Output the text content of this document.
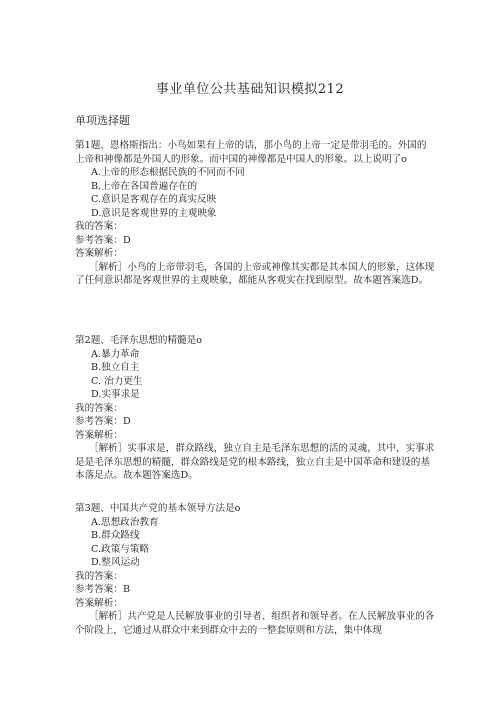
事业单位公共基础知识模拟212
单项选择题

第1题、恩格斯指出：小鸟如果有上帝的话，那小鸟的上帝一定是带羽毛的。外国的上帝和神像都是外国人的形象。而中国的神像都是中国人的形象。以上说明了o

A.上帝的形态根据民族的不同而不同
B.上帝在各国普遍存在的
C.意识是客观存在的真实反映
D.意识是客观世界的主观映象
我的答案：
参考答案：D
答案解析：

［解析］小鸟的上帝带羽毛，各国的上帝或神像其实都是其本国人的形象，这体现了任何意识都是客观世界的主观映象，都能从客观实在找到原型。故本题答案选D。

第2题、毛泽东思想的精髓是o

A.暴力革命
B.独立自主
C. 治力更生
D.实事求是
我的答案：
参考答案：D
答案解析：

［解析］实事求是，群众路线，独立自主是毛泽东思想的活的灵魂，其中，实事求是是毛泽东思想的精髓，群众路线是党的根本路线，独立自主是中国革命和建设的基本落足点。故本题答案选D。

第3题、中国共产党的基本领导方法是o

A.思想政治教育
B.群众路线
C.政策与策略
D.整风运动
我的答案：
参考答案：B
答案解析：

［解析］共产党是人民解放事业的引导者、组织者和领导者。在人民解放事业的各个阶段上，它通过从群众中来到群众中去的一整套原则和方法，集中体现
